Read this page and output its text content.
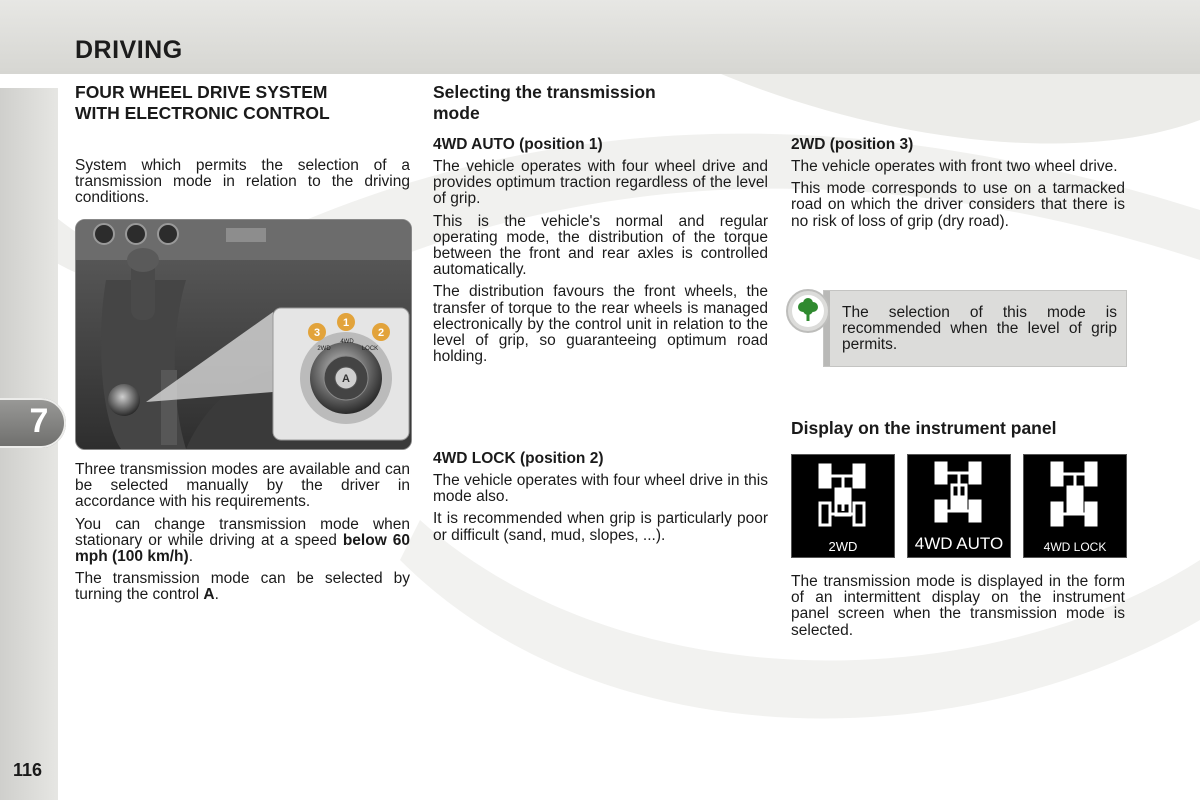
DRIVING
7
116

FOUR WHEEL DRIVE SYSTEM

WITH ELECTRONIC CONTROL

System which permits the selection of a transmission mode in relation to the driving conditions.

3
1
2
2WD
4WD
LOCK
A

Three transmission modes are available and can be selected manually by the driver in accordance with his requirements.

You can change transmission mode when stationary or while driving at a speed below 60 mph (100 km/h).

The transmission mode can be selected by turning the control A.

Selecting the transmission

mode

4WD AUTO (position 1)

The vehicle operates with four wheel drive and provides optimum traction regardless of the level of grip.

This is the vehicle's normal and regular operating mode, the distribution of the torque between the front and rear axles is controlled automatically.

The distribution favours the front wheels, the transfer of torque to the rear wheels is managed electronically by the control unit in relation to the level of grip, so guaranteeing optimum road holding.

4WD LOCK (position 2)

The vehicle operates with four wheel drive in this mode also.

It is recommended when grip is particularly poor or difficult (sand, mud, slopes, ...).

2WD (position 3)

The vehicle operates with front two wheel drive.

This mode corresponds to use on a tarmacked road on which the driver considers that there is no risk of loss of grip (dry road).

The selection of this mode is recommended when the level of grip permits.

Display on the instrument panel

2WD	4WD AUTO	4WD LOCK

The transmission mode is displayed in the form of an intermittent display on the instrument panel screen when the transmission mode is selected.
